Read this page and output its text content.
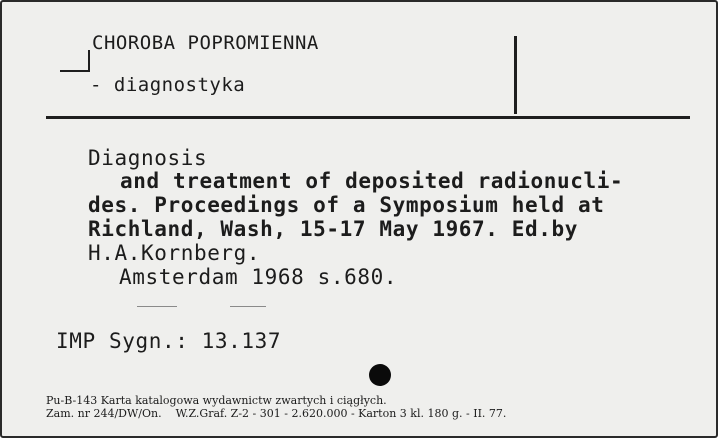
CHOROBA POPROMIENNA
- diagnostyka
Diagnosis
and treatment of deposited radionucli-
des. Proceedings of a Symposium held at
Richland, Wash, 15-17 May 1967. Ed.by
H.A.Kornberg.
Amsterdam 1968 s.680.
IMP Sygn.: 13.137
Pu-B-143 Karta katalogowa wydawnictw zwartych i ciągłych.
Zam. nr 244/DW/On.    W.Z.Graf. Z-2 - 301 - 2.620.000 - Karton 3 kl. 180 g. - II. 77.
